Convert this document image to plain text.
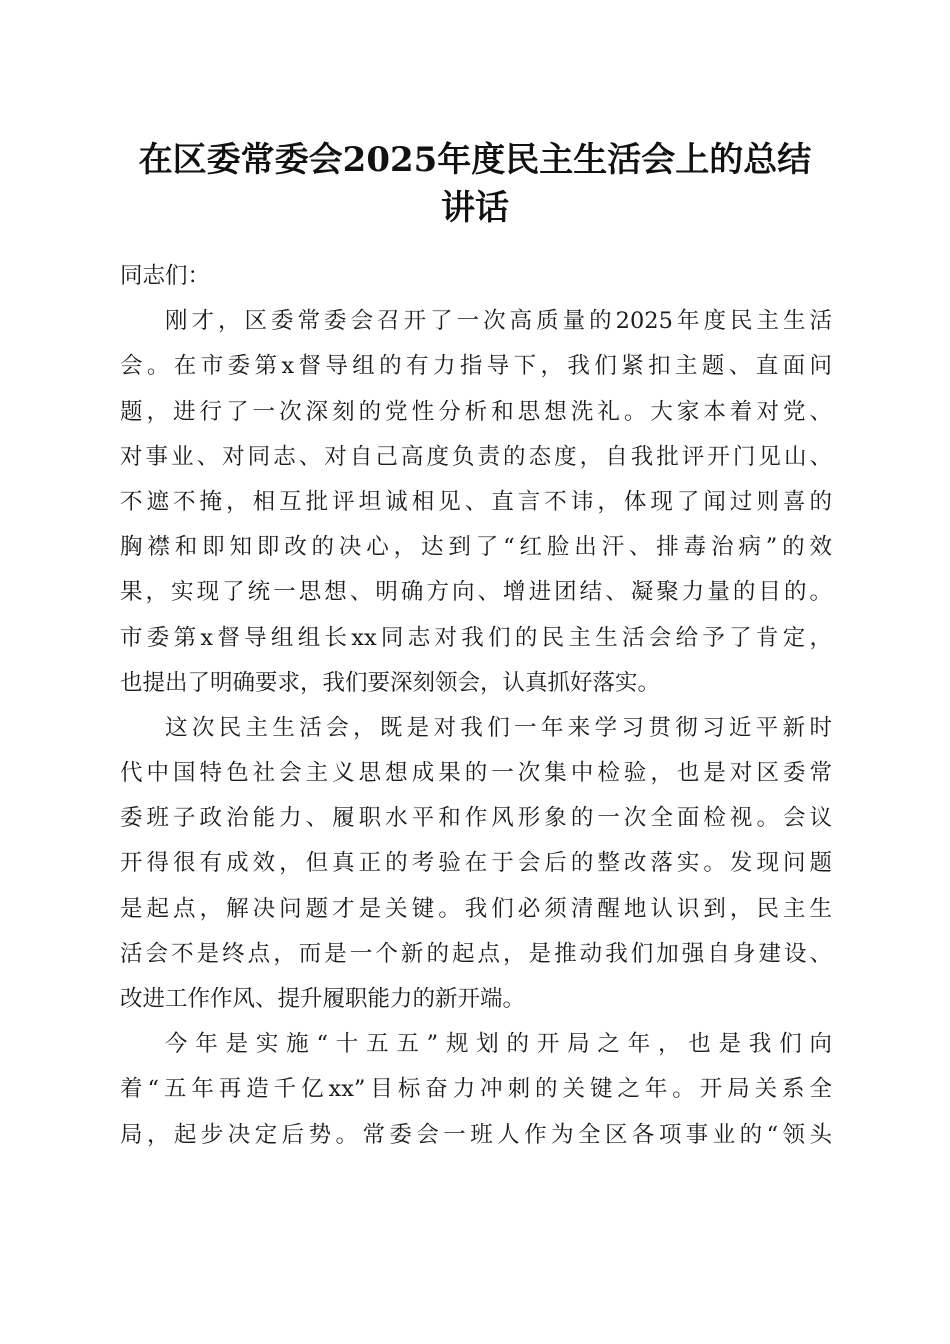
在区委常委会2025年度民主生活会上的总结
讲话

同志们：

刚才，区委常委会召开了一次高质量的2025年度民主生活
会。在市委第x督导组的有力指导下，我们紧扣主题、直面问
题，进行了一次深刻的党性分析和思想洗礼。大家本着对党、
对事业、对同志、对自己高度负责的态度，自我批评开门见山、
不遮不掩，相互批评坦诚相见、直言不讳，体现了闻过则喜的
胸襟和即知即改的决心，达到了“红脸出汗、排毒治病”的效
果，实现了统一思想、明确方向、增进团结、凝聚力量的目的。
市委第x督导组组长xx同志对我们的民主生活会给予了肯定，
也提出了明确要求，我们要深刻领会，认真抓好落实。

这次民主生活会，既是对我们一年来学习贯彻习近平新时
代中国特色社会主义思想成果的一次集中检验，也是对区委常
委班子政治能力、履职水平和作风形象的一次全面检视。会议
开得很有成效，但真正的考验在于会后的整改落实。发现问题
是起点，解决问题才是关键。我们必须清醒地认识到，民主生
活会不是终点，而是一个新的起点，是推动我们加强自身建设、
改进工作作风、提升履职能力的新开端。

今年是实施“十五五”规划的开局之年，也是我们向
着“五年再造千亿xx”目标奋力冲刺的关键之年。开局关系全
局，起步决定后势。常委会一班人作为全区各项事业的“领头
